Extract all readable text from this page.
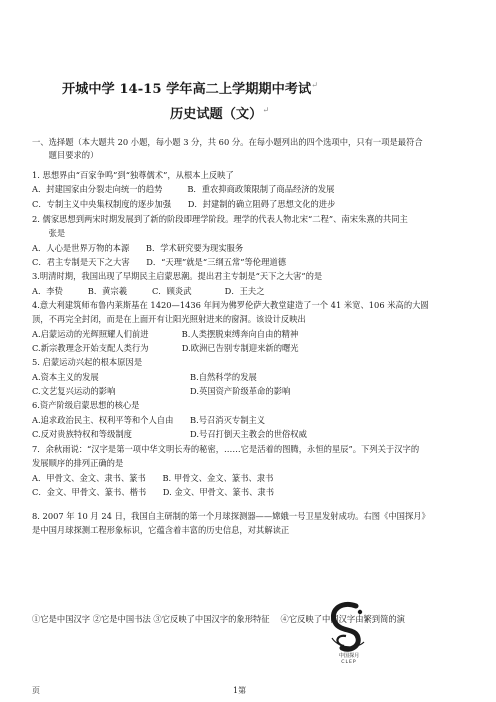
开城中学 14-15 学年高二上学期期中考试↵
历史试题（文）↵
一、选择题（本大题共 20 小题，每小题 3 分，共 60 分。在每小题列出的四个选项中，只有一项是最符合
　　题目要求的）
1. 思想界由“百家争鸣”到“独尊儒术”，从根本上反映了
A．封建国家由分裂走向统一的趋势　　　B．重农抑商政策限制了商品经济的发展
C．专制主义中央集权制度的逐步加强　　D．封建制的确立阻碍了思想文化的进步
2. 儒家思想到两宋时期发展到了新的阶段即理学阶段。理学的代表人物北宋“二程”、南宋朱熹的共同主
　　张是
A．人心是世界万物的本源　　B．学术研究要为现实服务
C．君主专制是天下之大害　　D．“天理”就是“三纲五常”等伦理道德
3.明清时期，我国出现了早期民主启蒙思潮。提出君主专制是“天下之大害”的是
A．李贽　　　B．黄宗羲　　　C．顾炎武　　　　D．王夫之
4.意大利建筑师布鲁内莱斯基在 1420—1436 年间为佛罗伦萨大教堂建造了一个 41 米宽、106 米高的大圆
顶，不再完全封闭，而是在上面开有让阳光照射进来的窗洞。该设计反映出
A.启蒙运动的光辉照耀人们前进　　　　B.人类摆脱束缚奔向自由的精神
C.新宗教理念开始支配人类行为　　　　D.欧洲已告别专制迎来新的曙光
5. 启蒙运动兴起的根本原因是
A.资本主义的发展　　　　　　　　　　　B.自然科学的发展
C.文艺复兴运动的影响　　　　　　　　　D.英国资产阶级革命的影响
6.资产阶级启蒙思想的核心是
A.追求政治民主、权利平等和个人自由　　B.号召消灭专制主义
C.反对贵族特权和等级制度　　　　　　　D.号召打倒天主教会的世俗权威
7．余秋雨说：“汉字是第一项中华文明长寿的秘密，……它是活着的图腾，永恒的星辰”。下列关于汉字的
发展顺序的排列正确的是
A．甲骨文、金文、隶书、篆书　　B. 甲骨文、金文、篆书、隶书
C．金文、甲骨文、篆书、楷书　　D. 金文、甲骨文、篆书、隶书
8. 2007 年 10 月 24 日，我国自主研制的第一个月球探测器——嫦娥一号卫星发射成功。右图《中国探月》
是中国月球探测工程形象标识，它蕴含着丰富的历史信息，对其解读正
①它是中国汉字 ②它是中国书法 ③它反映了中国汉字的象形特征　 ④它反映了中国汉字由繁到简的演
中国探月
CLEP
页	1第
